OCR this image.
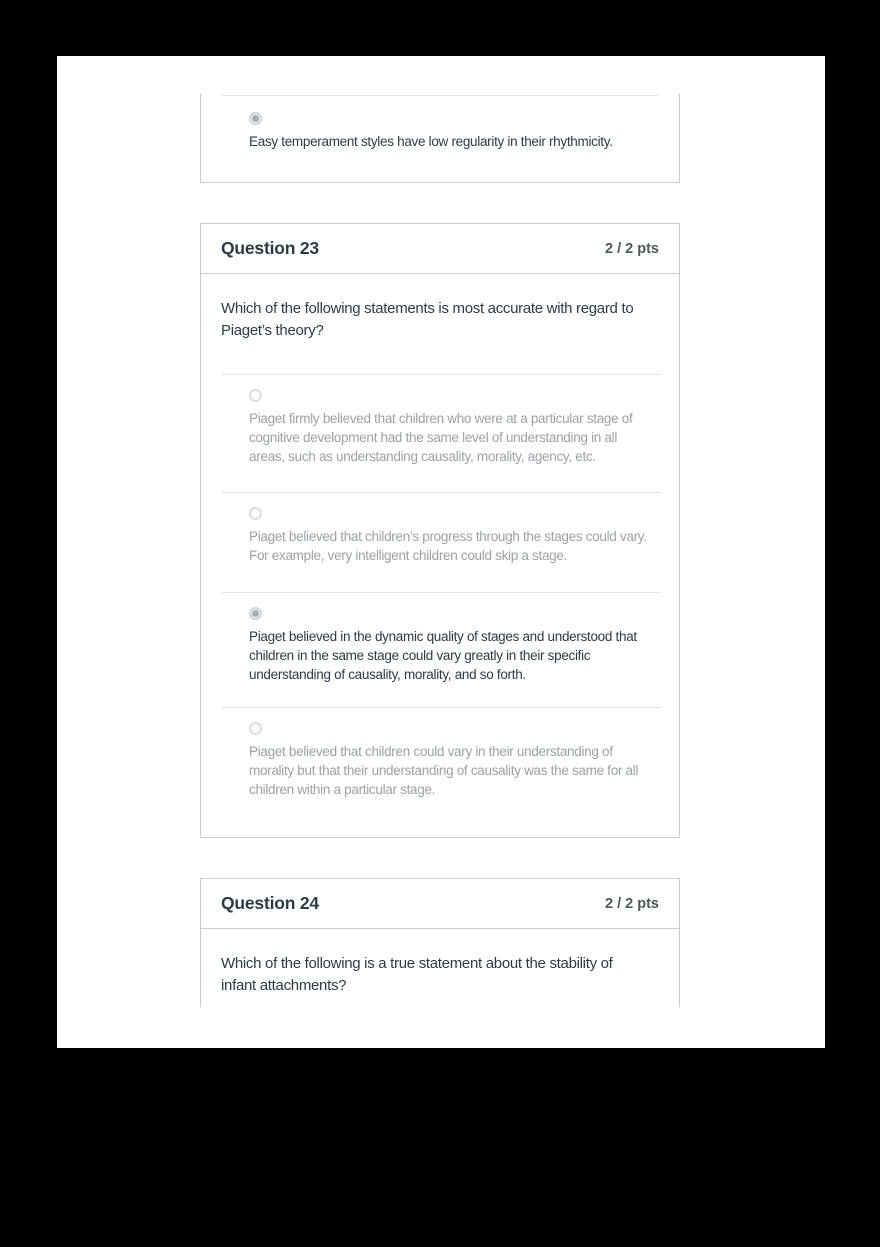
Easy temperament styles have low regularity in their rhythmicity.
Question 23	2 / 2 pts
Which of the following statements is most accurate with regard to Piaget’s theory?
Piaget firmly believed that children who were at a particular stage of cognitive development had the same level of understanding in all areas, such as understanding causality, morality, agency, etc.
Piaget believed that children’s progress through the stages could vary. For example, very intelligent children could skip a stage.
Piaget believed in the dynamic quality of stages and understood that children in the same stage could vary greatly in their specific understanding of causality, morality, and so forth.
Piaget believed that children could vary in their understanding of morality but that their understanding of causality was the same for all children within a particular stage.
Question 24	2 / 2 pts
Which of the following is a true statement about the stability of infant attachments?
